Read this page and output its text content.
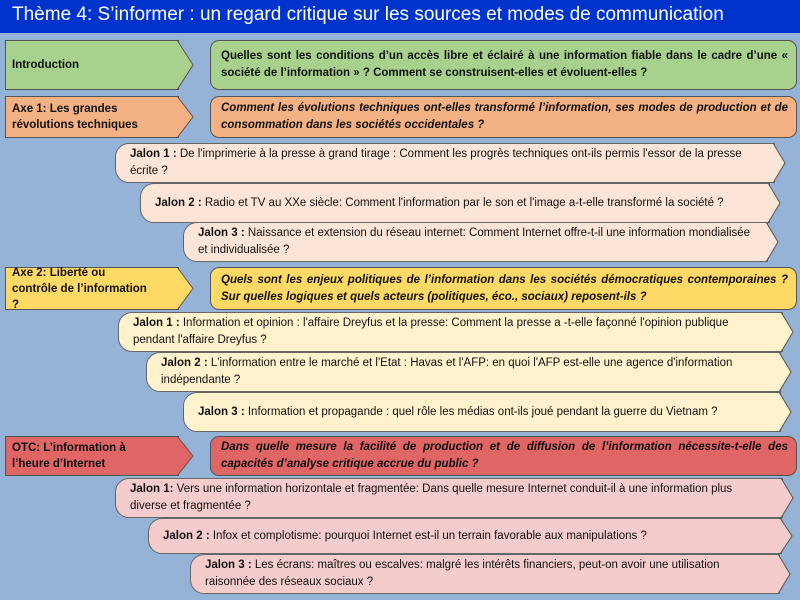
Thème 4: S’informer : un regard critique sur les sources et modes de communication
Introduction
Quelles sont les conditions d’un accès libre et éclairé à une information fiable dans le cadre d’une « société de l’information » ? Comment se construisent-elles et évoluent-elles ?
Axe 1: Les grandes révolutions techniques
Comment les évolutions techniques ont-elles transformé l’information, ses modes de production et de consommation dans les sociétés occidentales ?
Jalon 1 : De l'imprimerie à la presse à grand tirage : Comment les progrès techniques ont-ils permis l'essor de la presse écrite ?
Jalon 2 : Radio et TV au XXe siècle: Comment l'information par le son et l'image a-t-elle transformé la société ?
Jalon 3 : Naissance et extension du réseau internet: Comment Internet offre-t-il une information mondialisée et individualisée ?
Axe 2: Liberté ou contrôle de l’information ?
Quels sont les enjeux politiques de l’information dans les sociétés démocratiques contemporaines ? Sur quelles logiques et quels acteurs (politiques, éco., sociaux) reposent-ils ?
Jalon 1 : Information et opinion : l'affaire Dreyfus et la presse: Comment la presse a -t-elle façonné l'opinion publique pendant l'affaire Dreyfus ?
Jalon 2 : L'information entre le marché et l'Etat : Havas et l'AFP: en quoi l'AFP est-elle une agence d'information indépendante ?
Jalon 3 : Information et propagande : quel rôle les médias ont-ils joué pendant la guerre du Vietnam ?
OTC: L’information à l’heure d’Internet
Dans quelle mesure la facilité de production et de diffusion de l’information nécessite-t-elle des capacités d’analyse critique accrue du public ?
Jalon 1: Vers une information horizontale et fragmentée: Dans quelle mesure Internet conduit-il à une information plus diverse et fragmentée ?
Jalon 2 : Infox et complotisme: pourquoi Internet est-il un terrain favorable aux manipulations ?
Jalon 3 : Les écrans: maîtres ou escalves: malgré les intérêts financiers, peut-on avoir une utilisation raisonnée des réseaux sociaux ?
